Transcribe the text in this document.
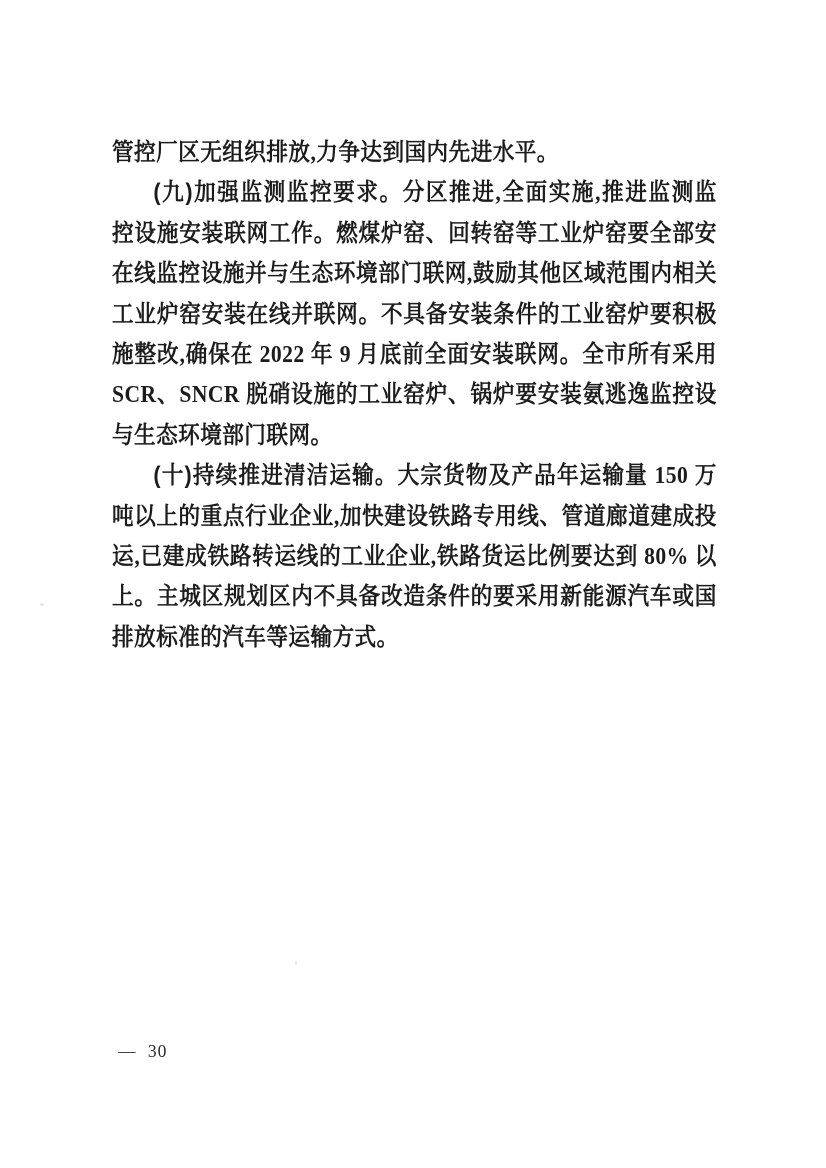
管控厂区无组织排放,力争达到国内先进水平。
(九)加强监测监控要求。分区推进,全面实施,推进监测监
控设施安装联网工作。燃煤炉窑、回转窑等工业炉窑要全部安
在线监控设施并与生态环境部门联网,鼓励其他区域范围内相关
工业炉窑安装在线并联网。不具备安装条件的工业窑炉要积极
施整改,确保在 2022 年 9 月底前全面安装联网。全市所有采用
SCR、SNCR 脱硝设施的工业窑炉、锅炉要安装氨逃逸监控设
与生态环境部门联网。
(十)持续推进清洁运输。大宗货物及产品年运输量 150 万
吨以上的重点行业企业,加快建设铁路专用线、管道廊道建成投
运,已建成铁路转运线的工业企业,铁路货运比例要达到 80% 以
上。主城区规划区内不具备改造条件的要采用新能源汽车或国
排放标准的汽车等运输方式。
— 30
